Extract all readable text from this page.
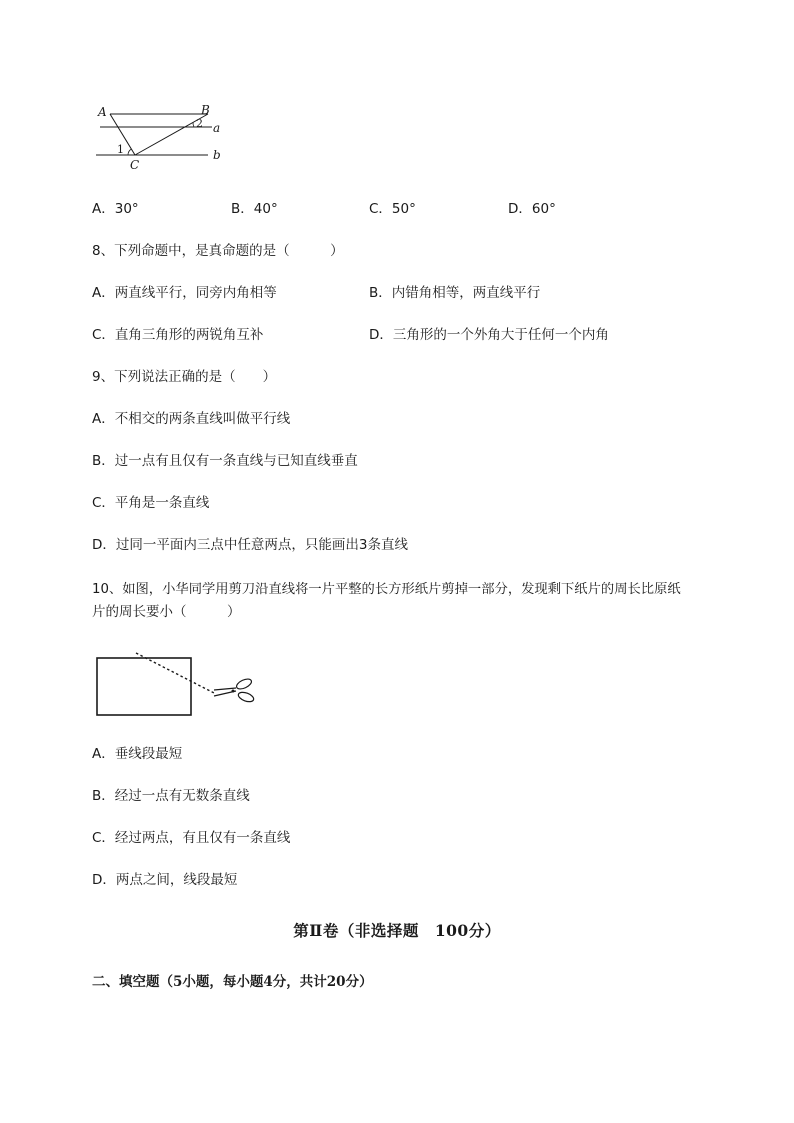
A	B
C
a
b
1
2
A．30°	B．40°	C．50°	D．60°
8、下列命题中，是真命题的是（　　　）
A．两直线平行，同旁内角相等	B．内错角相等，两直线平行
C．直角三角形的两锐角互补	D．三角形的一个外角大于任何一个内角
9、下列说法正确的是（　　）
A．不相交的两条直线叫做平行线
B．过一点有且仅有一条直线与已知直线垂直
C．平角是一条直线
D．过同一平面内三点中任意两点，只能画出3条直线
10、如图，小华同学用剪刀沿直线将一片平整的长方形纸片剪掉一部分，发现剩下纸片的周长比原纸
片的周长要小（　　　）
A．垂线段最短
B．经过一点有无数条直线
C．经过两点，有且仅有一条直线
D．两点之间，线段最短
第Ⅱ卷（非选择题　100分）
二、填空题（5小题，每小题4分，共计20分）
